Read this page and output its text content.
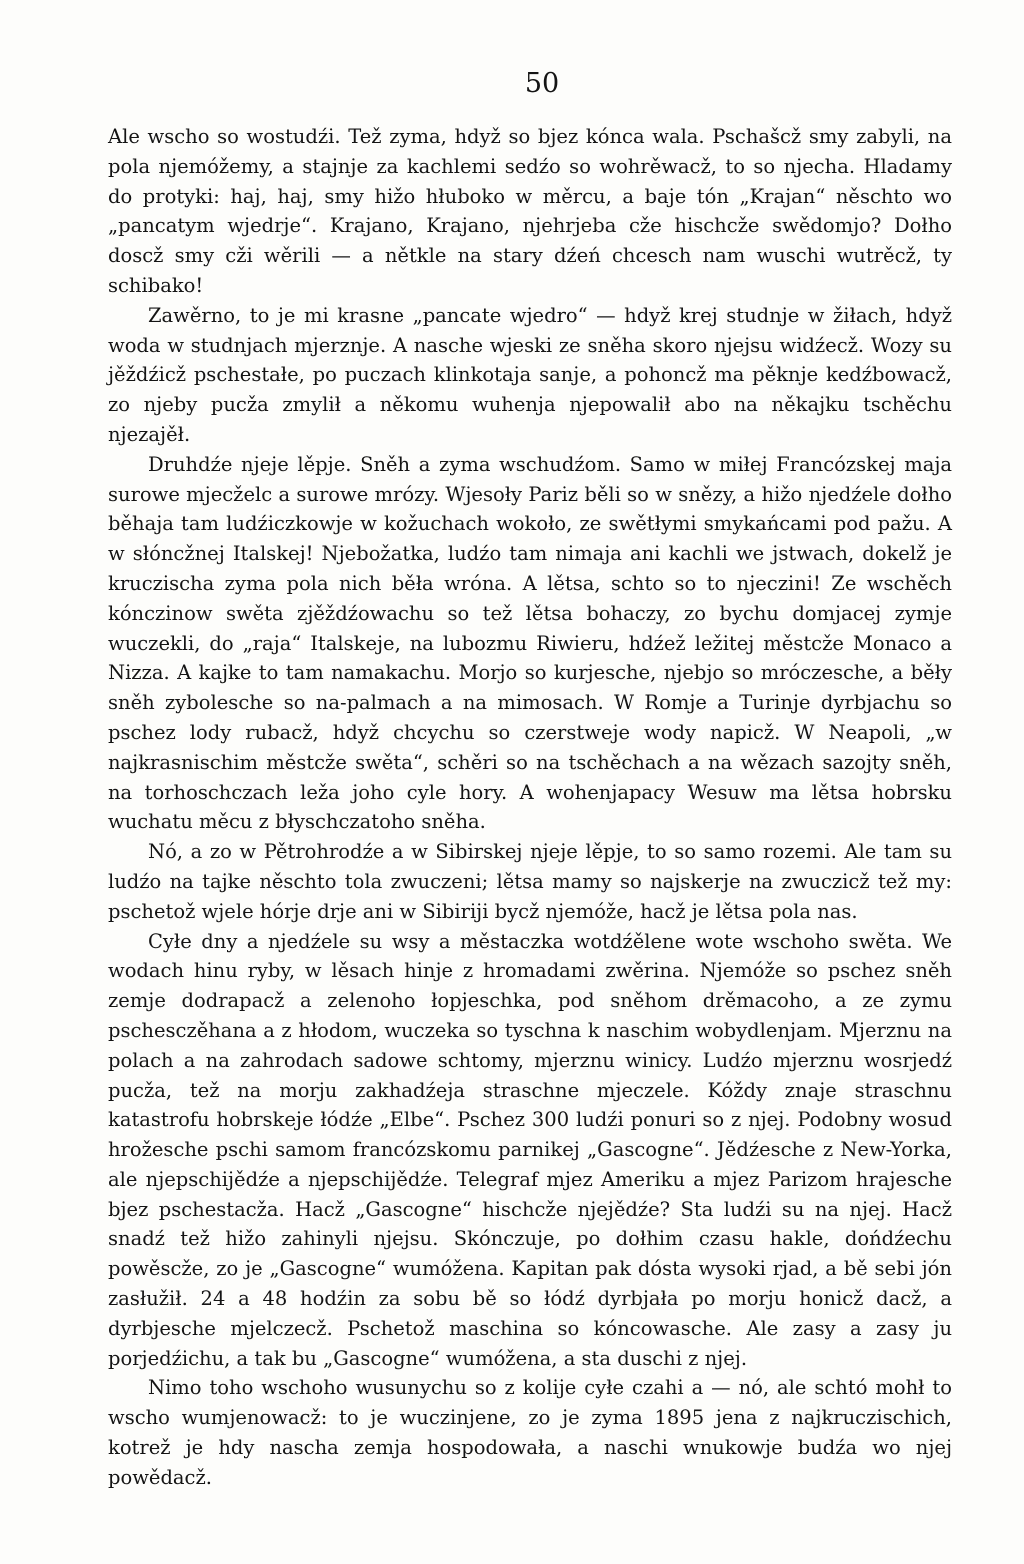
50

Ale wscho so wostudźi. Tež zyma, hdyž so bjez kónca wala. Pschašcž smy zabyli, na pola njemóžemy, a stajnje za kachlemi sedźo so wohrěwacž, to so njecha. Hladamy do protyki: haj, haj, smy hižo hłuboko w měrcu, a baje tón „Krajan“ něschto wo „pancatym wjedrje“. Krajano, Krajano, njehrjeba cže hischcže swědomjo? Dołho doscž smy cži wěrili — a nětkle na stary dźeń chcesch nam wuschi wutrěcž, ty schibako!

Zawěrno, to je mi krasne „pancate wjedro“ — hdyž krej studnje w žiłach, hdyž woda w studnjach mjerznje. A nasche wjeski ze sněha skoro njejsu widźecž. Wozy su jěždźicž pschestałe, po puczach klinkotaja sanje, a pohoncž ma pěknje kedźbowacž, zo njeby pucža zmylił a někomu wuhenja njepowalił abo na někajku tschěchu njezajěł.

Druhdźe njeje lěpje. Sněh a zyma wschudźom. Samo w miłej Francózskej maja surowe mjecželc a surowe mrózy. Wjesoły Pariz běli so w snězy, a hižo njedźele dołho běhaja tam ludźiczkowje w kožuchach wokoło, ze swětłymi smykańcami pod pažu. A w słóncžnej Italskej! Njebožatka, ludźo tam nimaja ani kachli we jstwach, dokelž je kruczischa zyma pola nich běła wróna. A lětsa, schto so to njeczini! Ze wschěch kónczinow swěta zjěždźowachu so tež lětsa bohaczy, zo bychu domjacej zymje wuczekli, do „raja“ Italskeje, na lubozmu Riwieru, hdźež ležitej městcže Monaco a Nizza. A kajke to tam namakachu. Morjo so kurjesche, njebjo so mróczesche, a běły sněh zybolesche so na-palmach a na mimosach. W Romje a Turinje dyrbjachu so pschez lody rubacž, hdyž chcychu so czerstweje wody napicž. W Neapoli, „w najkrasnischim městcže swěta“, schěri so na tschěchach a na wězach sazojty sněh, na torhoschczach leža joho cyle hory. A wohenjapacy Wesuw ma lětsa hobrsku wuchatu měcu z błyschczatoho sněha.

Nó, a zo w Pětrohrodźe a w Sibirskej njeje lěpje, to so samo rozemi. Ale tam su ludźo na tajke něschto tola zwuczeni; lětsa mamy so najskerje na zwuczicž tež my: pschetož wjele hórje drje ani w Sibiriji bycž njemóže, hacž je lětsa pola nas.

Cyłe dny a njedźele su wsy a městaczka wotdźělene wote wschoho swěta. We wodach hinu ryby, w lěsach hinje z hromadami zwěrina. Njemóže so pschez sněh zemje dodrapacž a zelenoho łopjeschka, pod sněhom drěmacoho, a ze zymu pschesczěhana a z hłodom, wuczeka so tyschna k naschim wobydlenjam. Mjerznu na polach a na zahrodach sadowe schtomy, mjerznu winicy. Ludźo mjerznu wosrjedź pucža, tež na morju zakhadźeja straschne mjeczele. Kóždy znaje straschnu katastrofu hobrskeje łódźe „Elbe“. Pschez 300 ludźi ponuri so z njej. Podobny wosud hrožesche pschi samom francózskomu parnikej „Gascogne“. Jědźesche z New-Yorka, ale njepschijědźe a njepschijědźe. Telegraf mjez Ameriku a mjez Parizom hrajesche bjez pschestacža. Hacž „Gascogne“ hischcže njejědźe? Sta ludźi su na njej. Hacž snadź tež hižo zahinyli njejsu. Skónczuje, po dołhim czasu hakle, dońdźechu powěscže, zo je „Gascogne“ wumóžena. Kapitan pak dósta wysoki rjad, a bě sebi jón zasłužił. 24 a 48 hodźin za sobu bě so łódź dyrbjała po morju honicž dacž, a dyrbjesche mjelczecž. Pschetož maschina so kóncowasche. Ale zasy a zasy ju porjedźichu, a tak bu „Gascogne“ wumóžena, a sta duschi z njej.

Nimo toho wschoho wusunychu so z kolije cyłe czahi a — nó, ale schtó mohł to wscho wumjenowacž: to je wuczinjene, zo je zyma 1895 jena z najkruczischich, kotrež je hdy nascha zemja hospodowała, a naschi wnukowje budźa wo njej powědacž.
